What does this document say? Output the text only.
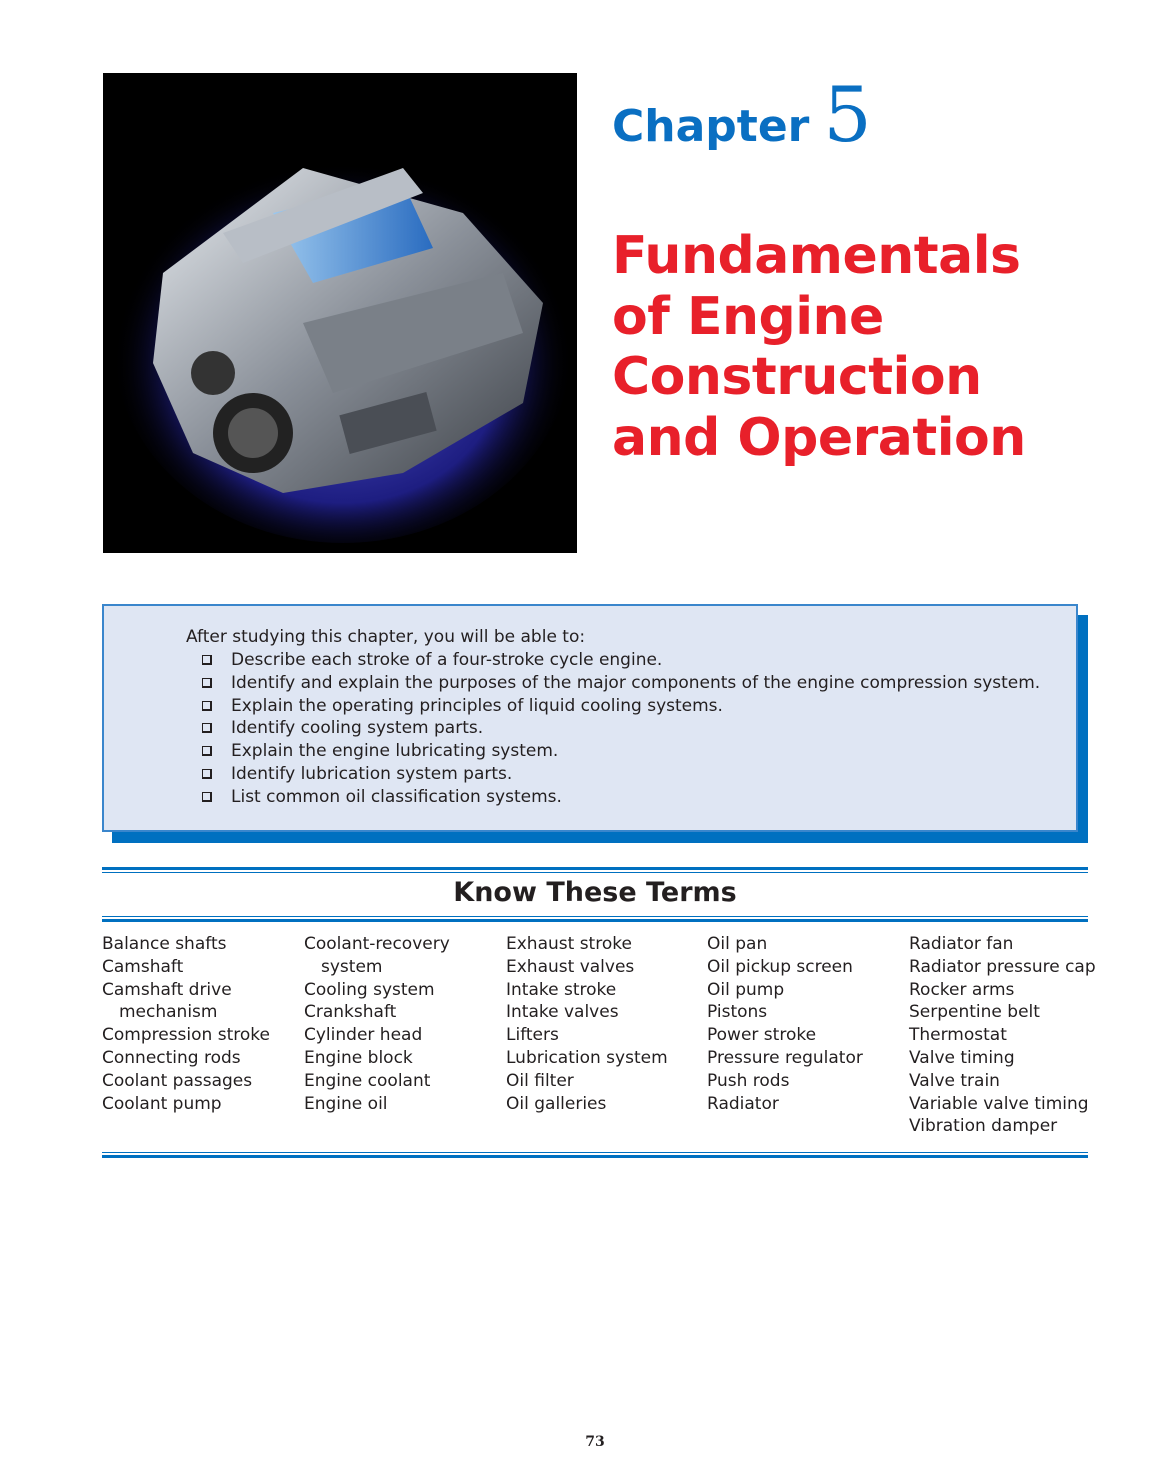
Chapter 5
Fundamentals
of Engine
Construction
and Operation
After studying this chapter, you will be able to:
Describe each stroke of a four-stroke cycle engine.
Identify and explain the purposes of the major components of the engine compression system.
Explain the operating principles of liquid cooling systems.
Identify cooling system parts.
Explain the engine lubricating system.
Identify lubrication system parts.
List common oil classification systems.
Know These Terms
Balance shafts
Camshaft
Camshaft drive
mechanism
Compression stroke
Connecting rods
Coolant passages
Coolant pump
Coolant-recovery
system
Cooling system
Crankshaft
Cylinder head
Engine block
Engine coolant
Engine oil
Exhaust stroke
Exhaust valves
Intake stroke
Intake valves
Lifters
Lubrication system
Oil filter
Oil galleries
Oil pan
Oil pickup screen
Oil pump
Pistons
Power stroke
Pressure regulator
Push rods
Radiator
Radiator fan
Radiator pressure cap
Rocker arms
Serpentine belt
Thermostat
Valve timing
Valve train
Variable valve timing
Vibration damper
73
